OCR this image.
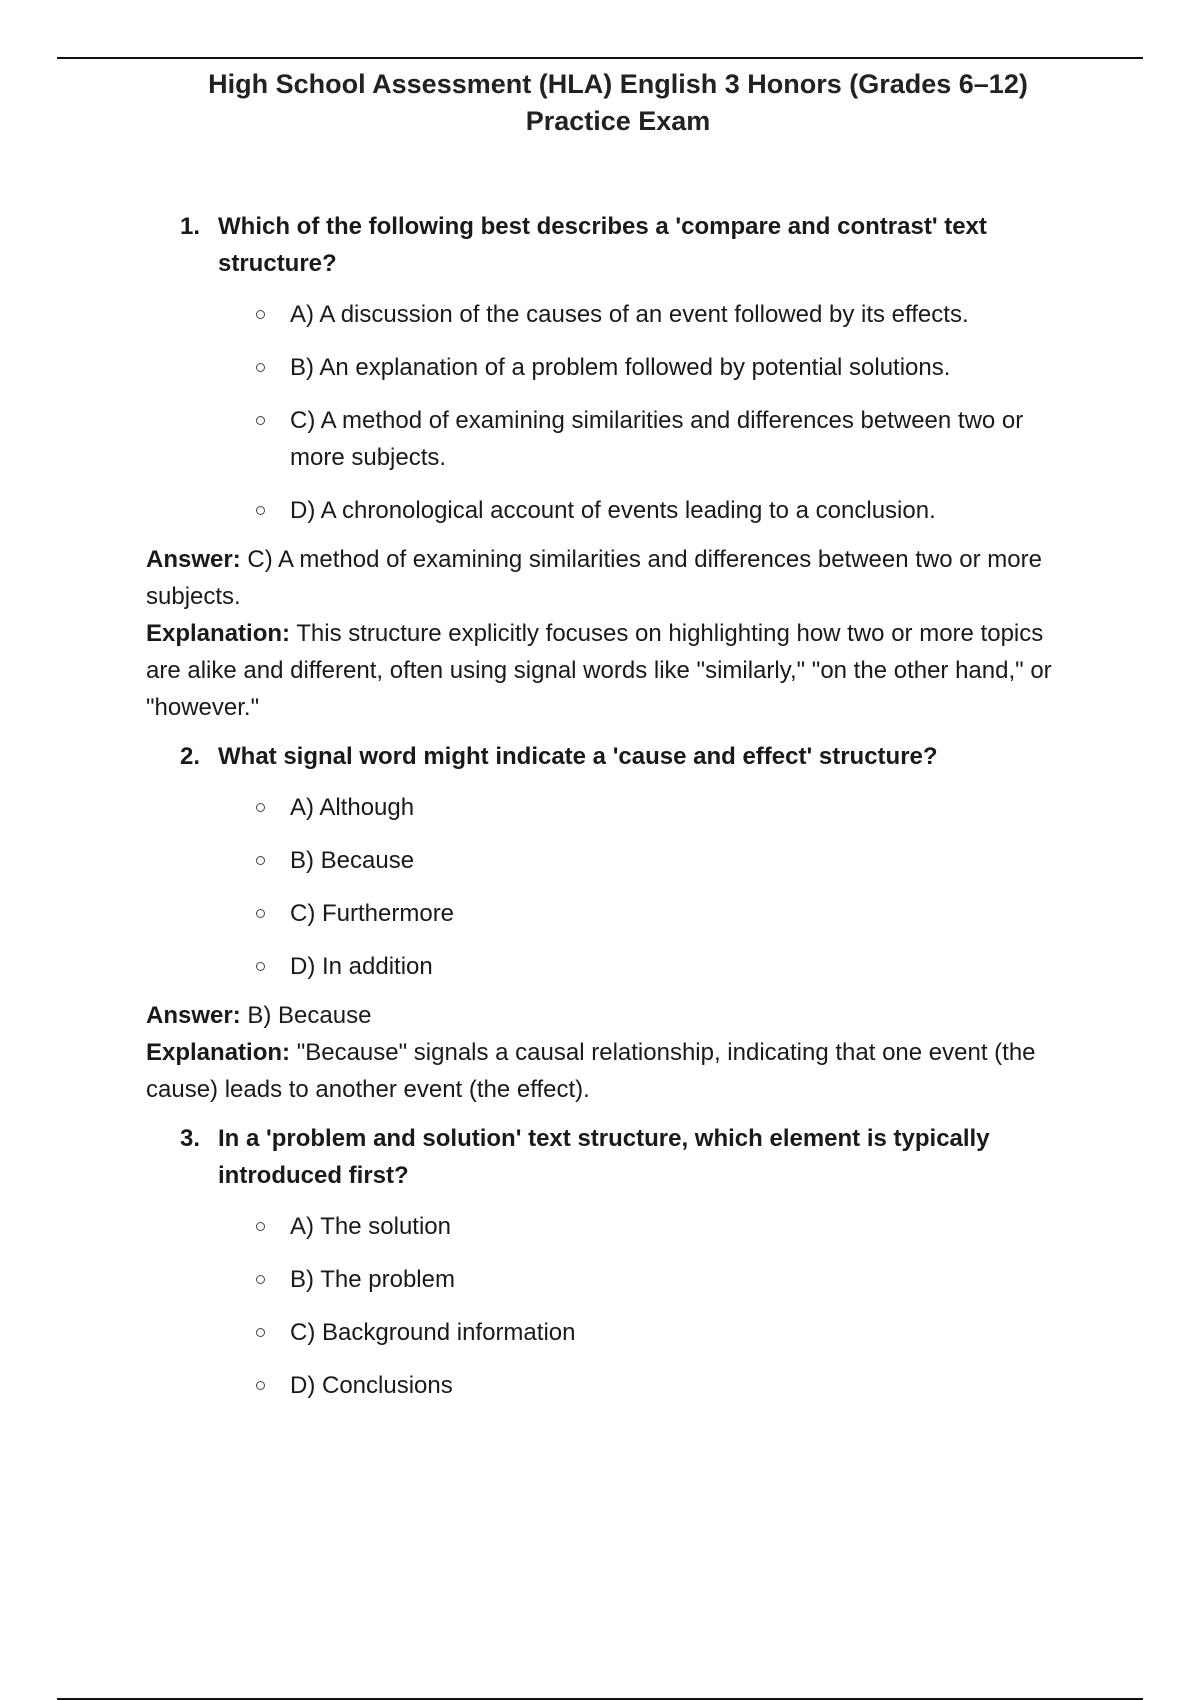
High School Assessment (HLA) English 3 Honors (Grades 6–12)
Practice Exam

1. Which of the following best describes a 'compare and contrast' text structure?

A) A discussion of the causes of an event followed by its effects.
B) An explanation of a problem followed by potential solutions.
C) A method of examining similarities and differences between two or more subjects.
D) A chronological account of events leading to a conclusion.

Answer: C) A method of examining similarities and differences between two or more subjects.

Explanation: This structure explicitly focuses on highlighting how two or more topics are alike and different, often using signal words like "similarly," "on the other hand," or "however."

2. What signal word might indicate a 'cause and effect' structure?

A) Although
B) Because
C) Furthermore
D) In addition

Answer: B) Because

Explanation: "Because" signals a causal relationship, indicating that one event (the cause) leads to another event (the effect).

3. In a 'problem and solution' text structure, which element is typically introduced first?

A) The solution
B) The problem
C) Background information
D) Conclusions
